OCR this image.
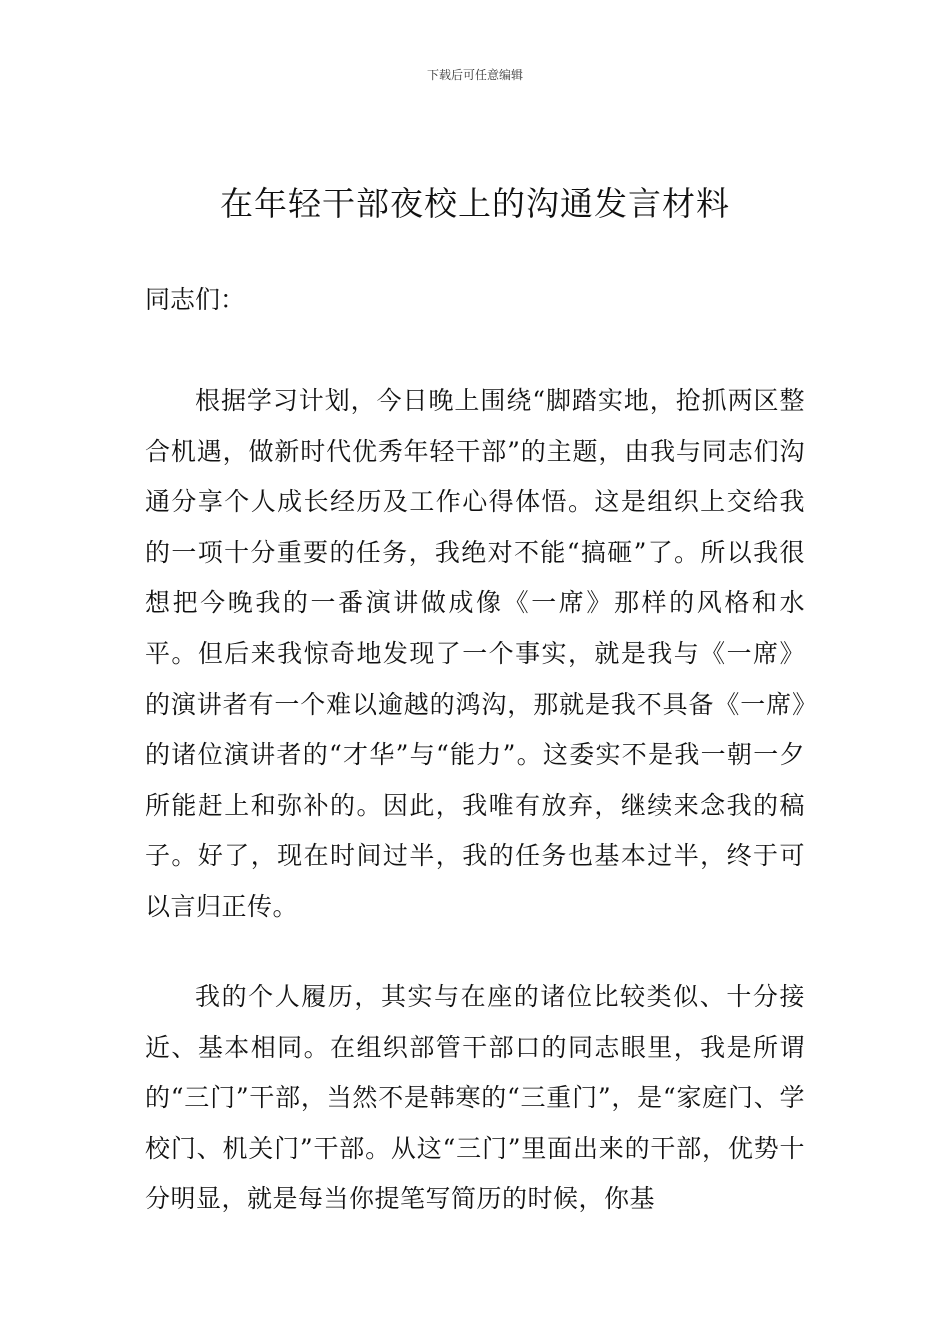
下载后可任意编辑
在年轻干部夜校上的沟通发言材料

同志们：

根据学习计划，今日晚上围绕“脚踏实地，抢抓两区整合机遇，做新时代优秀年轻干部”的主题，由我与同志们沟通分享个人成长经历及工作心得体悟。这是组织上交给我的一项十分重要的任务，我绝对不能“搞砸”了。所以我很想把今晚我的一番演讲做成像《一席》那样的风格和水平。但后来我惊奇地发现了一个事实，就是我与《一席》的演讲者有一个难以逾越的鸿沟，那就是我不具备《一席》的诸位演讲者的“才华”与“能力”。这委实不是我一朝一夕所能赶上和弥补的。因此，我唯有放弃，继续来念我的稿子。好了，现在时间过半，我的任务也基本过半，终于可以言归正传。

我的个人履历，其实与在座的诸位比较类似、十分接近、基本相同。在组织部管干部口的同志眼里，我是所谓的“三门”干部，当然不是韩寒的“三重门”，是“家庭门、学校门、机关门”干部。从这“三门”里面出来的干部，优势十分明显，就是每当你提笔写简历的时候，你基
